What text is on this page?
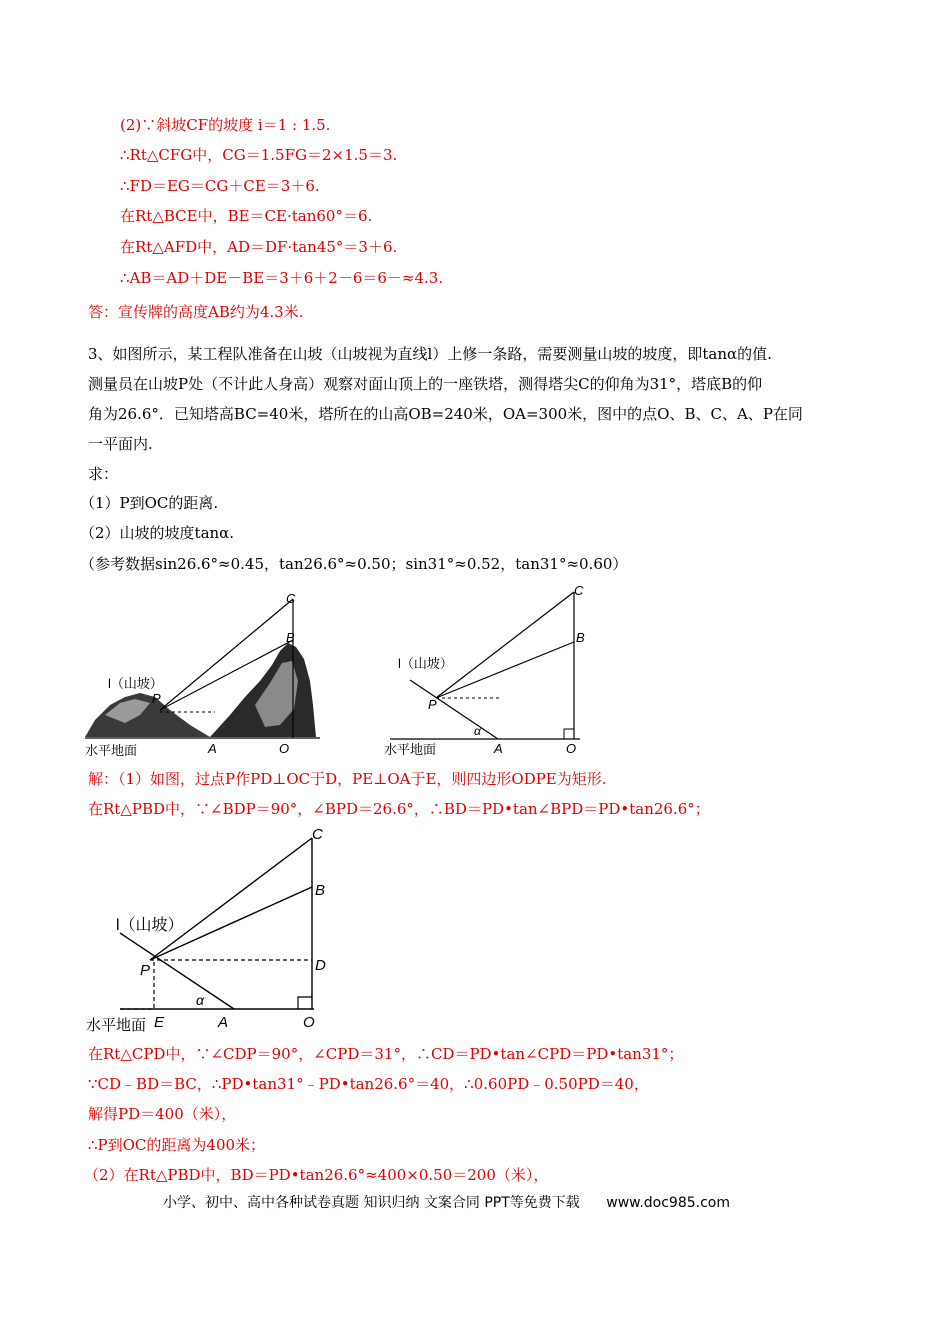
(2)∵斜坡CF的坡度 i＝1 : 1.5.
∴Rt△CFG中，CG＝1.5FG＝2×1.5＝3.
∴FD＝EG＝CG＋CE＝3＋6.
在Rt△BCE中，BE＝CE·tan60°＝6.
在Rt△AFD中，AD＝DF·tan45°＝3＋6.
∴AB＝AD＋DE－BE＝3＋6＋2－6＝6－≈4.3.
答：宣传牌的高度AB约为4.3米.
3、如图所示，某工程队准备在山坡（山坡视为直线l）上修一条路，需要测量山坡的坡度，即tanα的值.
测量员在山坡P处（不计此人身高）观察对面山顶上的一座铁塔，测得塔尖C的仰角为31°，塔底B的仰
角为26.6°．已知塔高BC=40米，塔所在的山高OB=240米，OA=300米，图中的点O、B、C、A、P在同
一平面内.
求：
（1）P到OC的距离.
（2）山坡的坡度tanα.
（参考数据sin26.6°≈0.45，tan26.6°≈0.50；sin31°≈0.52，tan31°≈0.60）
C
B
P
A	O
l（山坡）
水平地面
C
B
P
α
A	O
l（山坡）
水平地面
解：（1）如图，过点P作PD⊥OC于D，PE⊥OA于E，则四边形ODPE为矩形.
在Rt△PBD中，∵∠BDP＝90°，∠BPD＝26.6°，∴BD＝PD•tan∠BPD＝PD•tan26.6°；
C
B
D
P
E
α
A	O
l（山坡）
水平地面
在Rt△CPD中，∵∠CDP＝90°，∠CPD＝31°，∴CD＝PD•tan∠CPD＝PD•tan31°；
∵CD﹣BD＝BC，∴PD•tan31°﹣PD•tan26.6°＝40，∴0.60PD﹣0.50PD＝40，
解得PD＝400（米），
∴P到OC的距离为400米；
（2）在Rt△PBD中，BD＝PD•tan26.6°≈400×0.50＝200（米），
小学、初中、高中各种试卷真题 知识归纳 文案合同 PPT等免费下载 www.doc985.com
